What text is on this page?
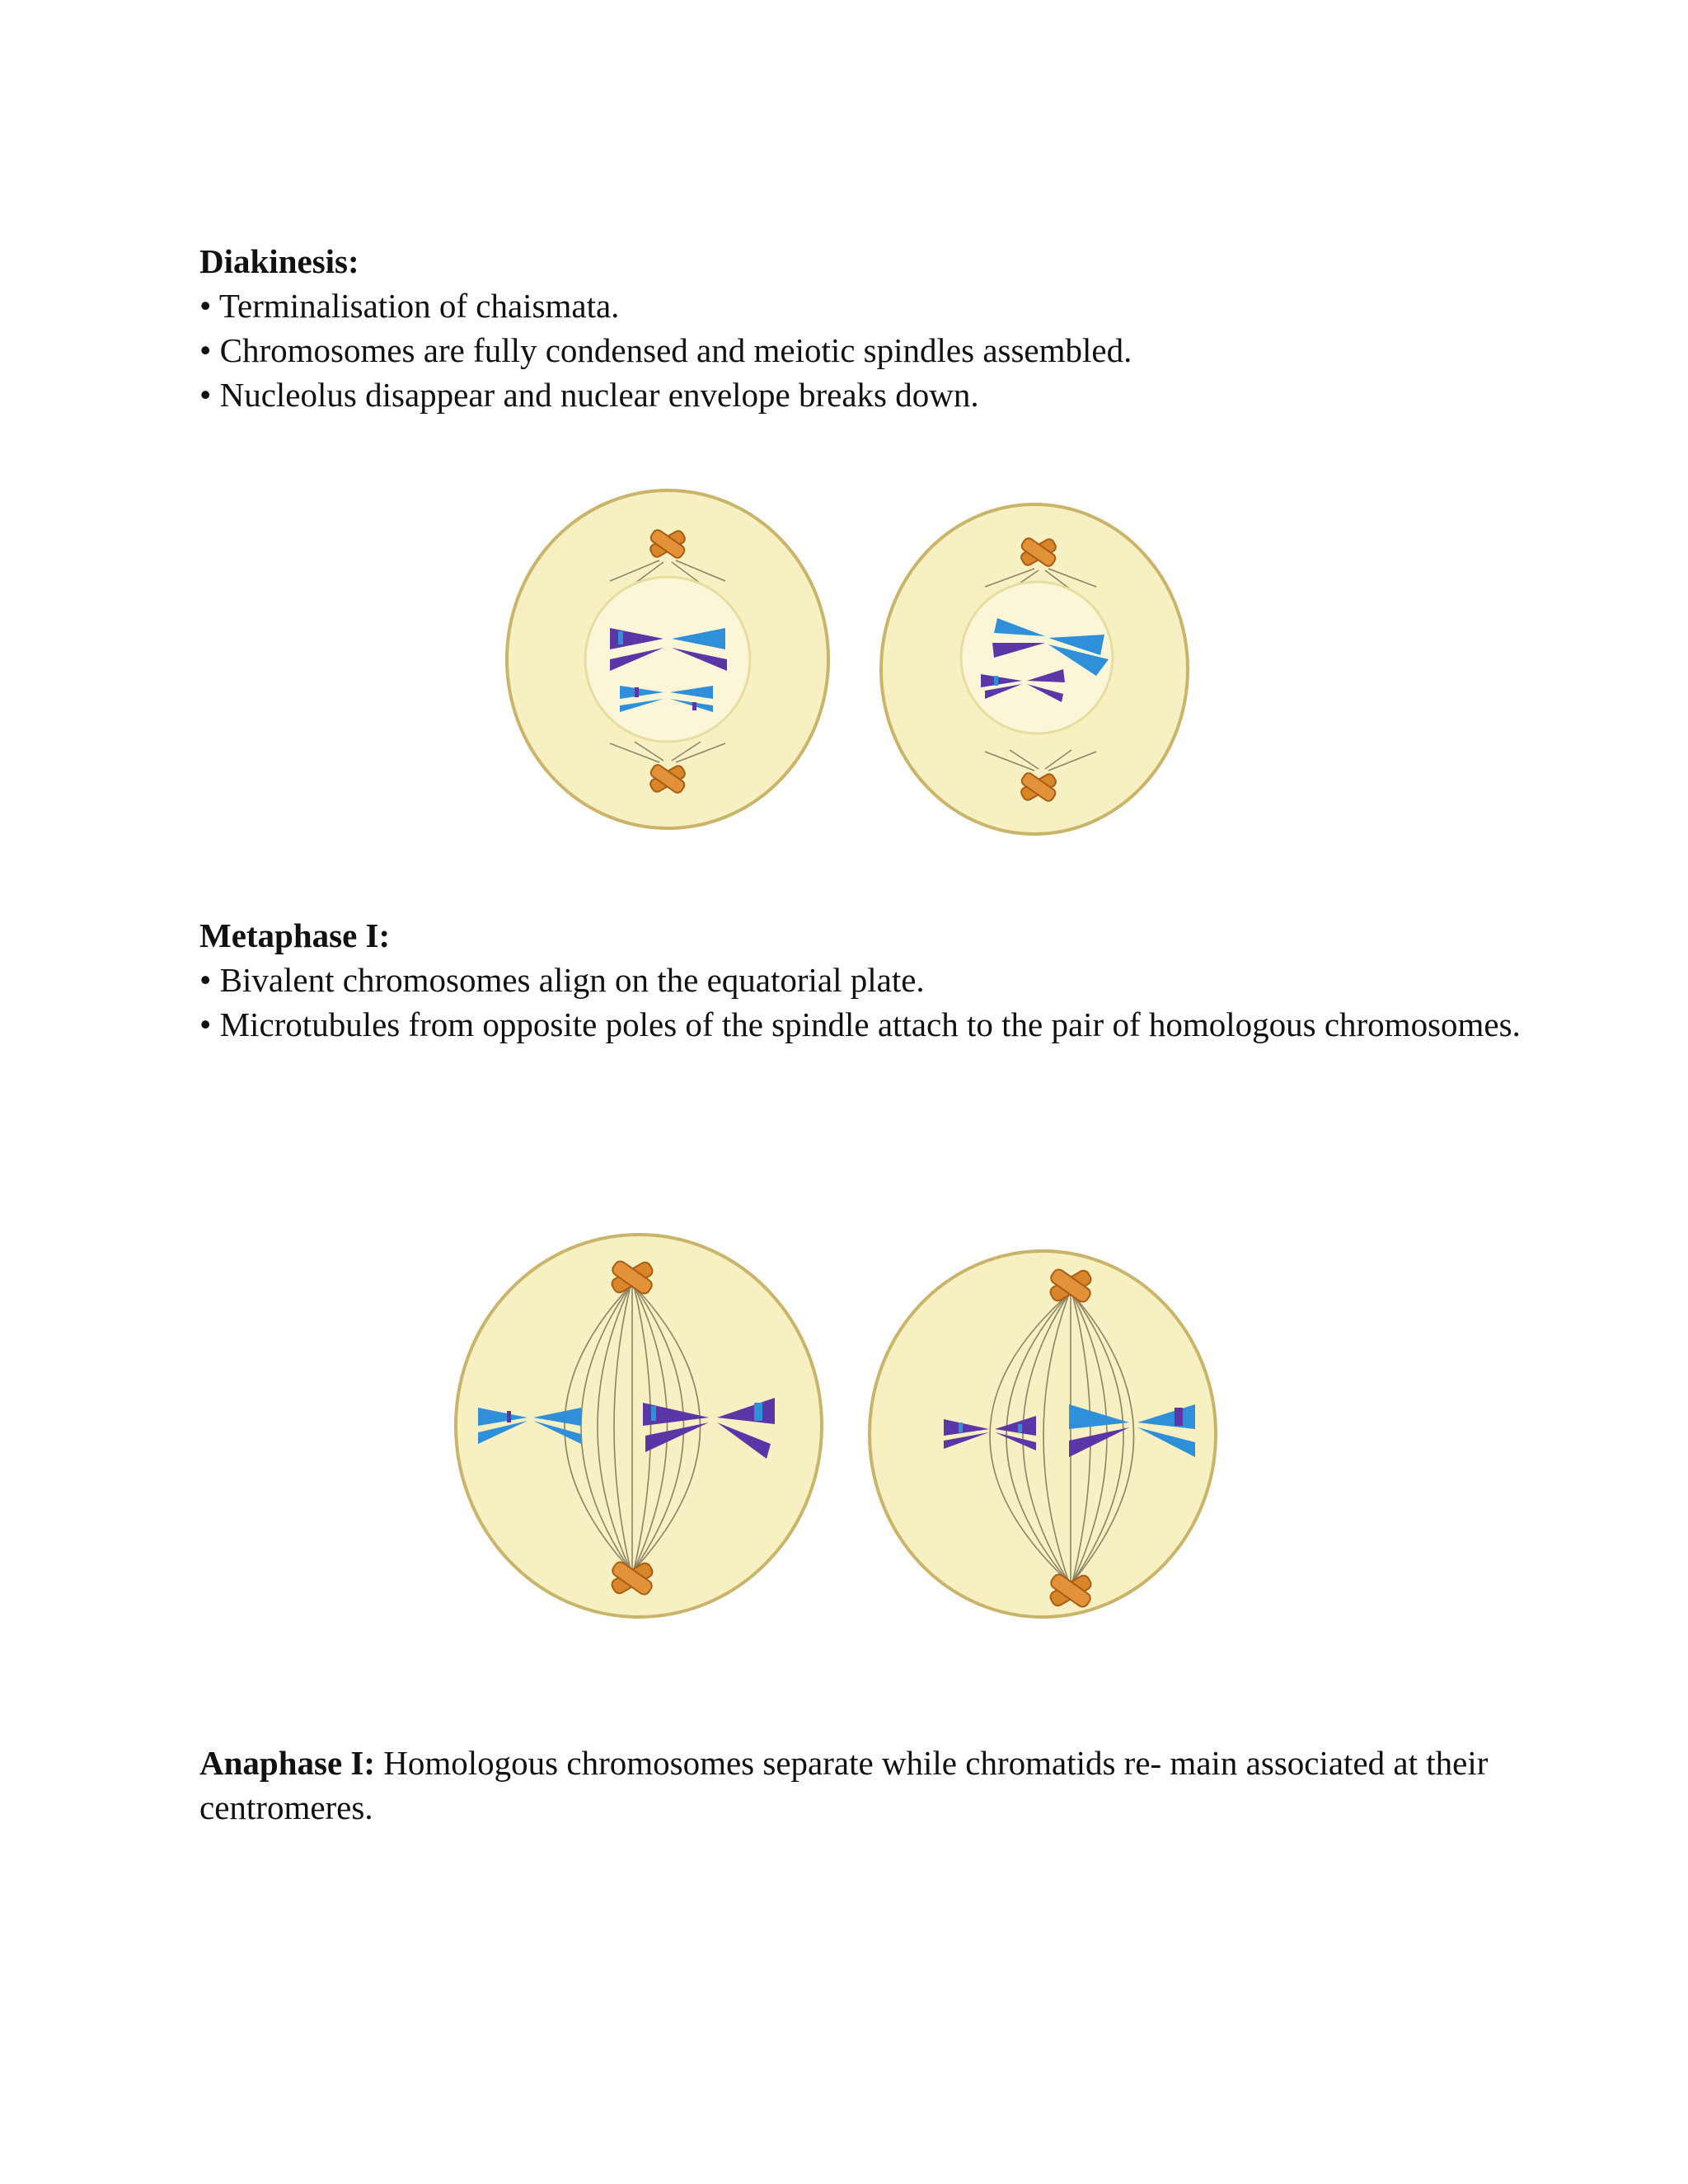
Diakinesis:

• Terminalisation of chaismata.

• Chromosomes are fully condensed and meiotic spindles assembled.

• Nucleolus disappear and nuclear envelope breaks down.

Metaphase I:

• Bivalent chromosomes align on the equatorial plate.

• Microtubules from opposite poles of the spindle attach to the pair of homologous chromosomes.

Anaphase I: Homologous chromosomes separate while chromatids re- main associated at their centromeres.
